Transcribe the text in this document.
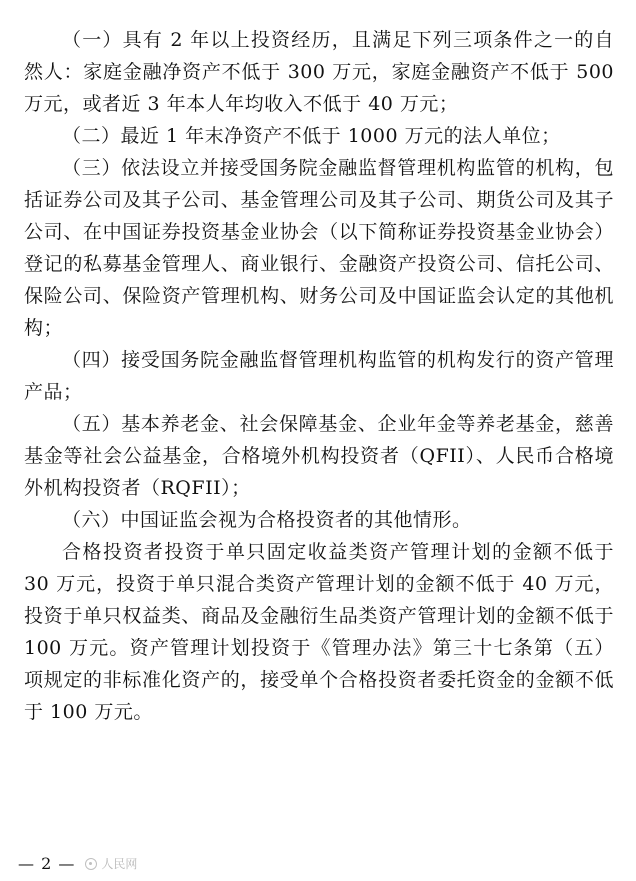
（一）具有 2 年以上投资经历，且满足下列三项条件之一的自然人：家庭金融净资产不低于 300 万元，家庭金融资产不低于 500 万元，或者近 3 年本人年均收入不低于 40 万元；

（二）最近 1 年末净资产不低于 1000 万元的法人单位；

（三）依法设立并接受国务院金融监督管理机构监管的机构，包括证券公司及其子公司、基金管理公司及其子公司、期货公司及其子公司、在中国证券投资基金业协会（以下简称证券投资基金业协会）登记的私募基金管理人、商业银行、金融资产投资公司、信托公司、保险公司、保险资产管理机构、财务公司及中国证监会认定的其他机构；

（四）接受国务院金融监督管理机构监管的机构发行的资产管理产品；

（五）基本养老金、社会保障基金、企业年金等养老基金，慈善基金等社会公益基金，合格境外机构投资者（QFII）、人民币合格境外机构投资者（RQFII）；

（六）中国证监会视为合格投资者的其他情形。

合格投资者投资于单只固定收益类资产管理计划的金额不低于 30 万元，投资于单只混合类资产管理计划的金额不低于 40 万元，投资于单只权益类、商品及金融衍生品类资产管理计划的金额不低于 100 万元。资产管理计划投资于《管理办法》第三十七条第（五）项规定的非标准化资产的，接受单个合格投资者委托资金的金额不低于 100 万元。

— 2 — 人民网
